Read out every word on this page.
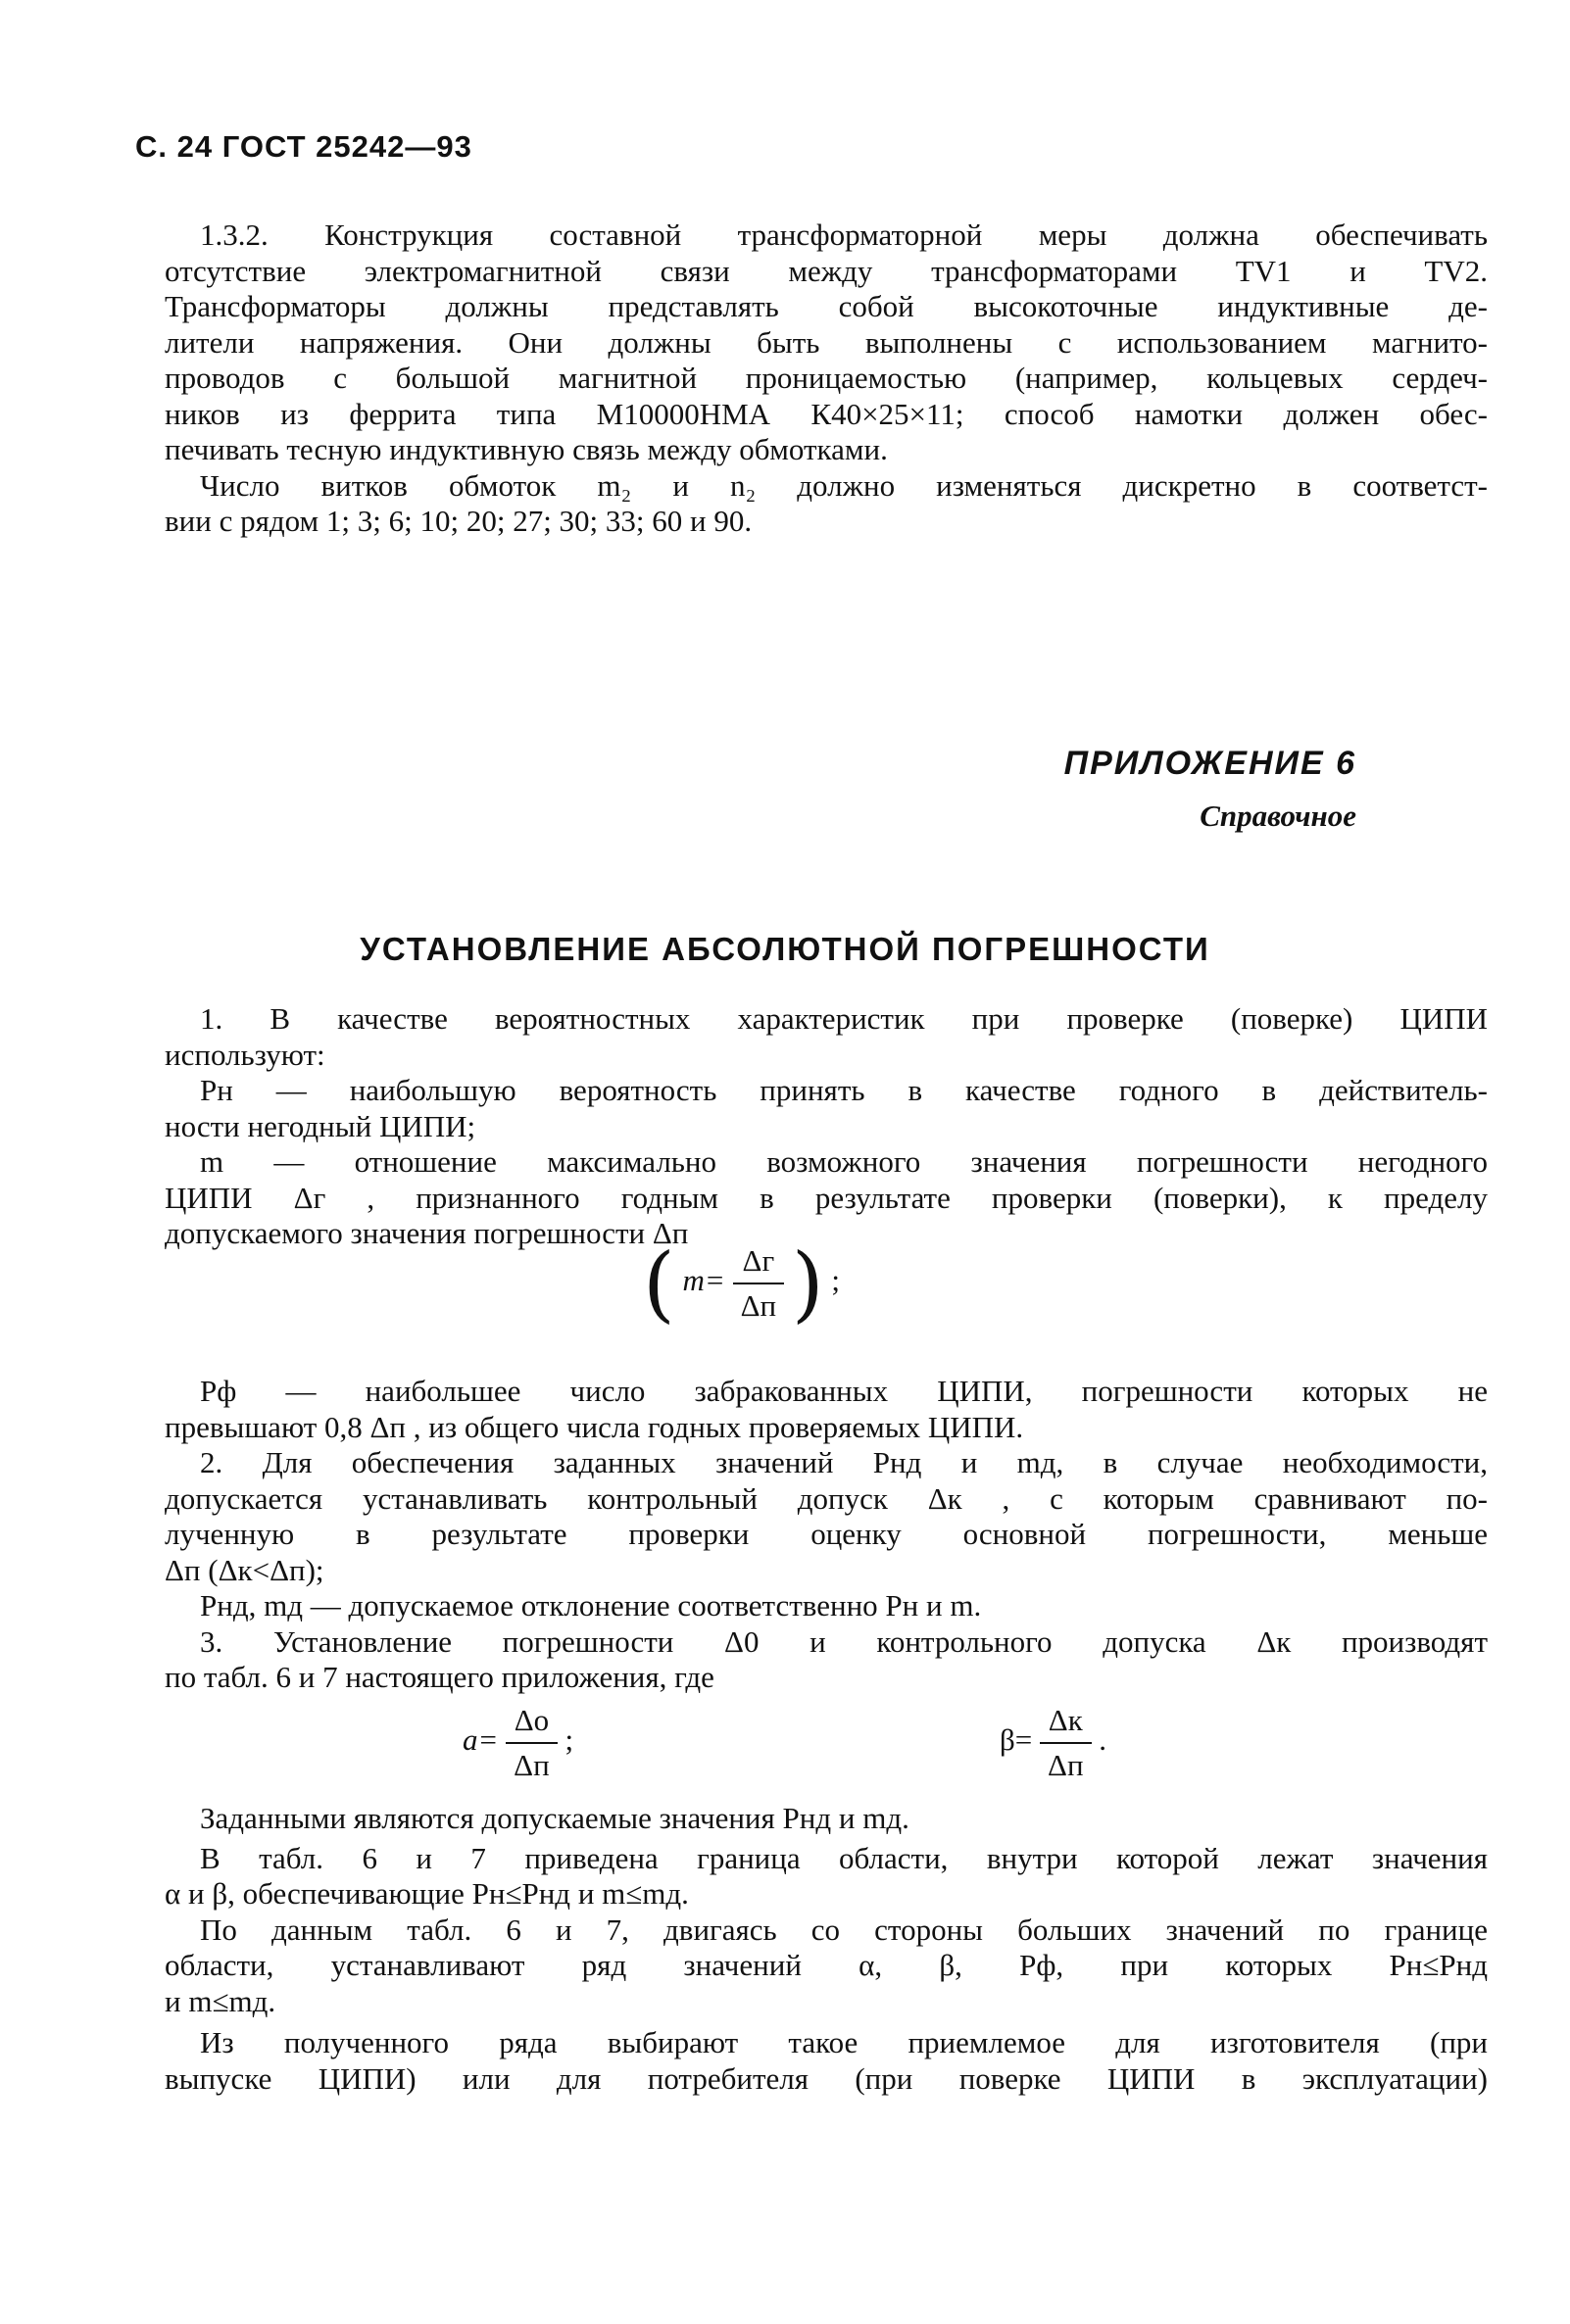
С. 24 ГОСТ 25242—93

1.3.2. Конструкция составной трансформаторной меры должна обеспечивать

отсутствие электромагнитной связи между трансформаторами TV1 и TV2.

Трансформаторы должны представлять собой высокоточные индуктивные де-

лители напряжения. Они должны быть выполнены с использованием магнито-

проводов с большой магнитной проницаемостью (например, кольцевых сердеч-

ников из феррита типа М10000НМА К40×25×11; способ намотки должен обес-

печивать тесную индуктивную связь между обмотками.

Число витков обмоток m₂ и n₂ должно изменяться дискретно в соответст-

вии с рядом 1; 3; 6; 10; 20; 27; 30; 33; 60 и 90.

ПРИЛОЖЕНИЕ 6
Справочное
УСТАНОВЛЕНИЕ АБСОЛЮТНОЙ ПОГРЕШНОСТИ

1. В качестве вероятностных характеристик при проверке (поверке) ЦИПИ

используют:

Pн — наибольшую вероятность принять в качестве годного в действитель-

ности негодный ЦИПИ;

m — отношение максимально возможного значения погрешности негодного

ЦИПИ Δг , признанного годным в результате проверки (поверки), к пределу

допускаемого значения погрешности Δп

( $m= \frac{\Delta г}{\Delta п}$ ) ;

Pф — наибольшее число забракованных ЦИПИ, погрешности которых не

превышают 0,8 Δп , из общего числа годных проверяемых ЦИПИ.

2. Для обеспечения заданных значений Pнд и mд, в случае необходимости,

допускается устанавливать контрольный допуск Δк , с которым сравнивают по-

лученную в результате проверки оценку основной погрешности, меньше

Δп (Δк<Δп);

Pнд, mд — допускаемое отклонение соответственно Pн и m.

3. Установление погрешности Δ0 и контрольного допуска Δк производят

по табл. 6 и 7 настоящего приложения, где

$a= \frac{\Delta о}{\Delta п}$ ;	$\beta= \frac{\Delta к}{\Delta п}$ .

Заданными являются допускаемые значения Pнд и mд.

В табл. 6 и 7 приведена граница области, внутри которой лежат значения

α и β, обеспечивающие Pн≤Pнд и m≤mд.

По данным табл. 6 и 7, двигаясь со стороны больших значений по границе

области, устанавливают ряд значений α, β, Pф, при которых Pн≤Pнд

и m≤mд.

Из полученного ряда выбирают такое приемлемое для изготовителя (при

выпуске ЦИПИ) или для потребителя (при поверке ЦИПИ в эксплуатации)
